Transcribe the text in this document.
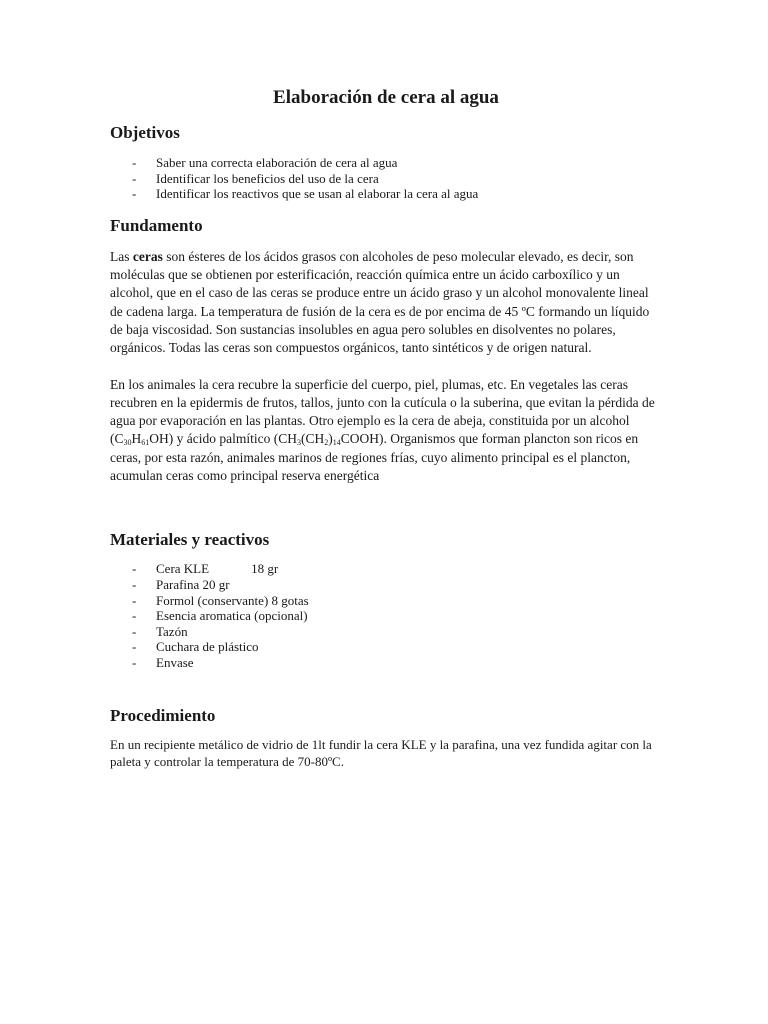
Elaboración de cera al agua
Objetivos
- Saber una correcta elaboración de cera al agua
- Identificar los beneficios del uso de la cera
- Identificar los reactivos que se usan al elaborar la cera al agua
Fundamento

Las ceras son ésteres de los ácidos grasos con alcoholes de peso molecular elevado, es decir, son moléculas que se obtienen por esterificación, reacción química entre un ácido carboxílico y un alcohol, que en el caso de las ceras se produce entre un ácido graso y un alcohol monovalente lineal de cadena larga. La temperatura de fusión de la cera es de por encima de 45 ºC formando un líquido de baja viscosidad. Son sustancias insolubles en agua pero solubles en disolventes no polares, orgánicos. Todas las ceras son compuestos orgánicos, tanto sintéticos y de origen natural.

En los animales la cera recubre la superficie del cuerpo, piel, plumas, etc. En vegetales las ceras recubren en la epidermis de frutos, tallos, junto con la cutícula o la suberina, que evitan la pérdida de agua por evaporación en las plantas. Otro ejemplo es la cera de abeja, constituida por un alcohol $(C_{30}H_{61}OH)$ y ácido palmítico $(CH_3(CH_2)_{14}COOH)$. Organismos que forman plancton son ricos en ceras, por esta razón, animales marinos de regiones frías, cuyo alimento principal es el plancton, acumulan ceras como principal reserva energética

Materiales y reactivos
- Cera KLE	18 gr
- Parafina 20 gr
- Formol (conservante) 8 gotas
- Esencia aromatica (opcional)
- Tazón
- Cuchara de plástico
- Envase
Procedimiento

En un recipiente metálico de vidrio de 1lt fundir la cera KLE y la parafina, una vez fundida agitar con la paleta y controlar la temperatura de 70-80ºC.
